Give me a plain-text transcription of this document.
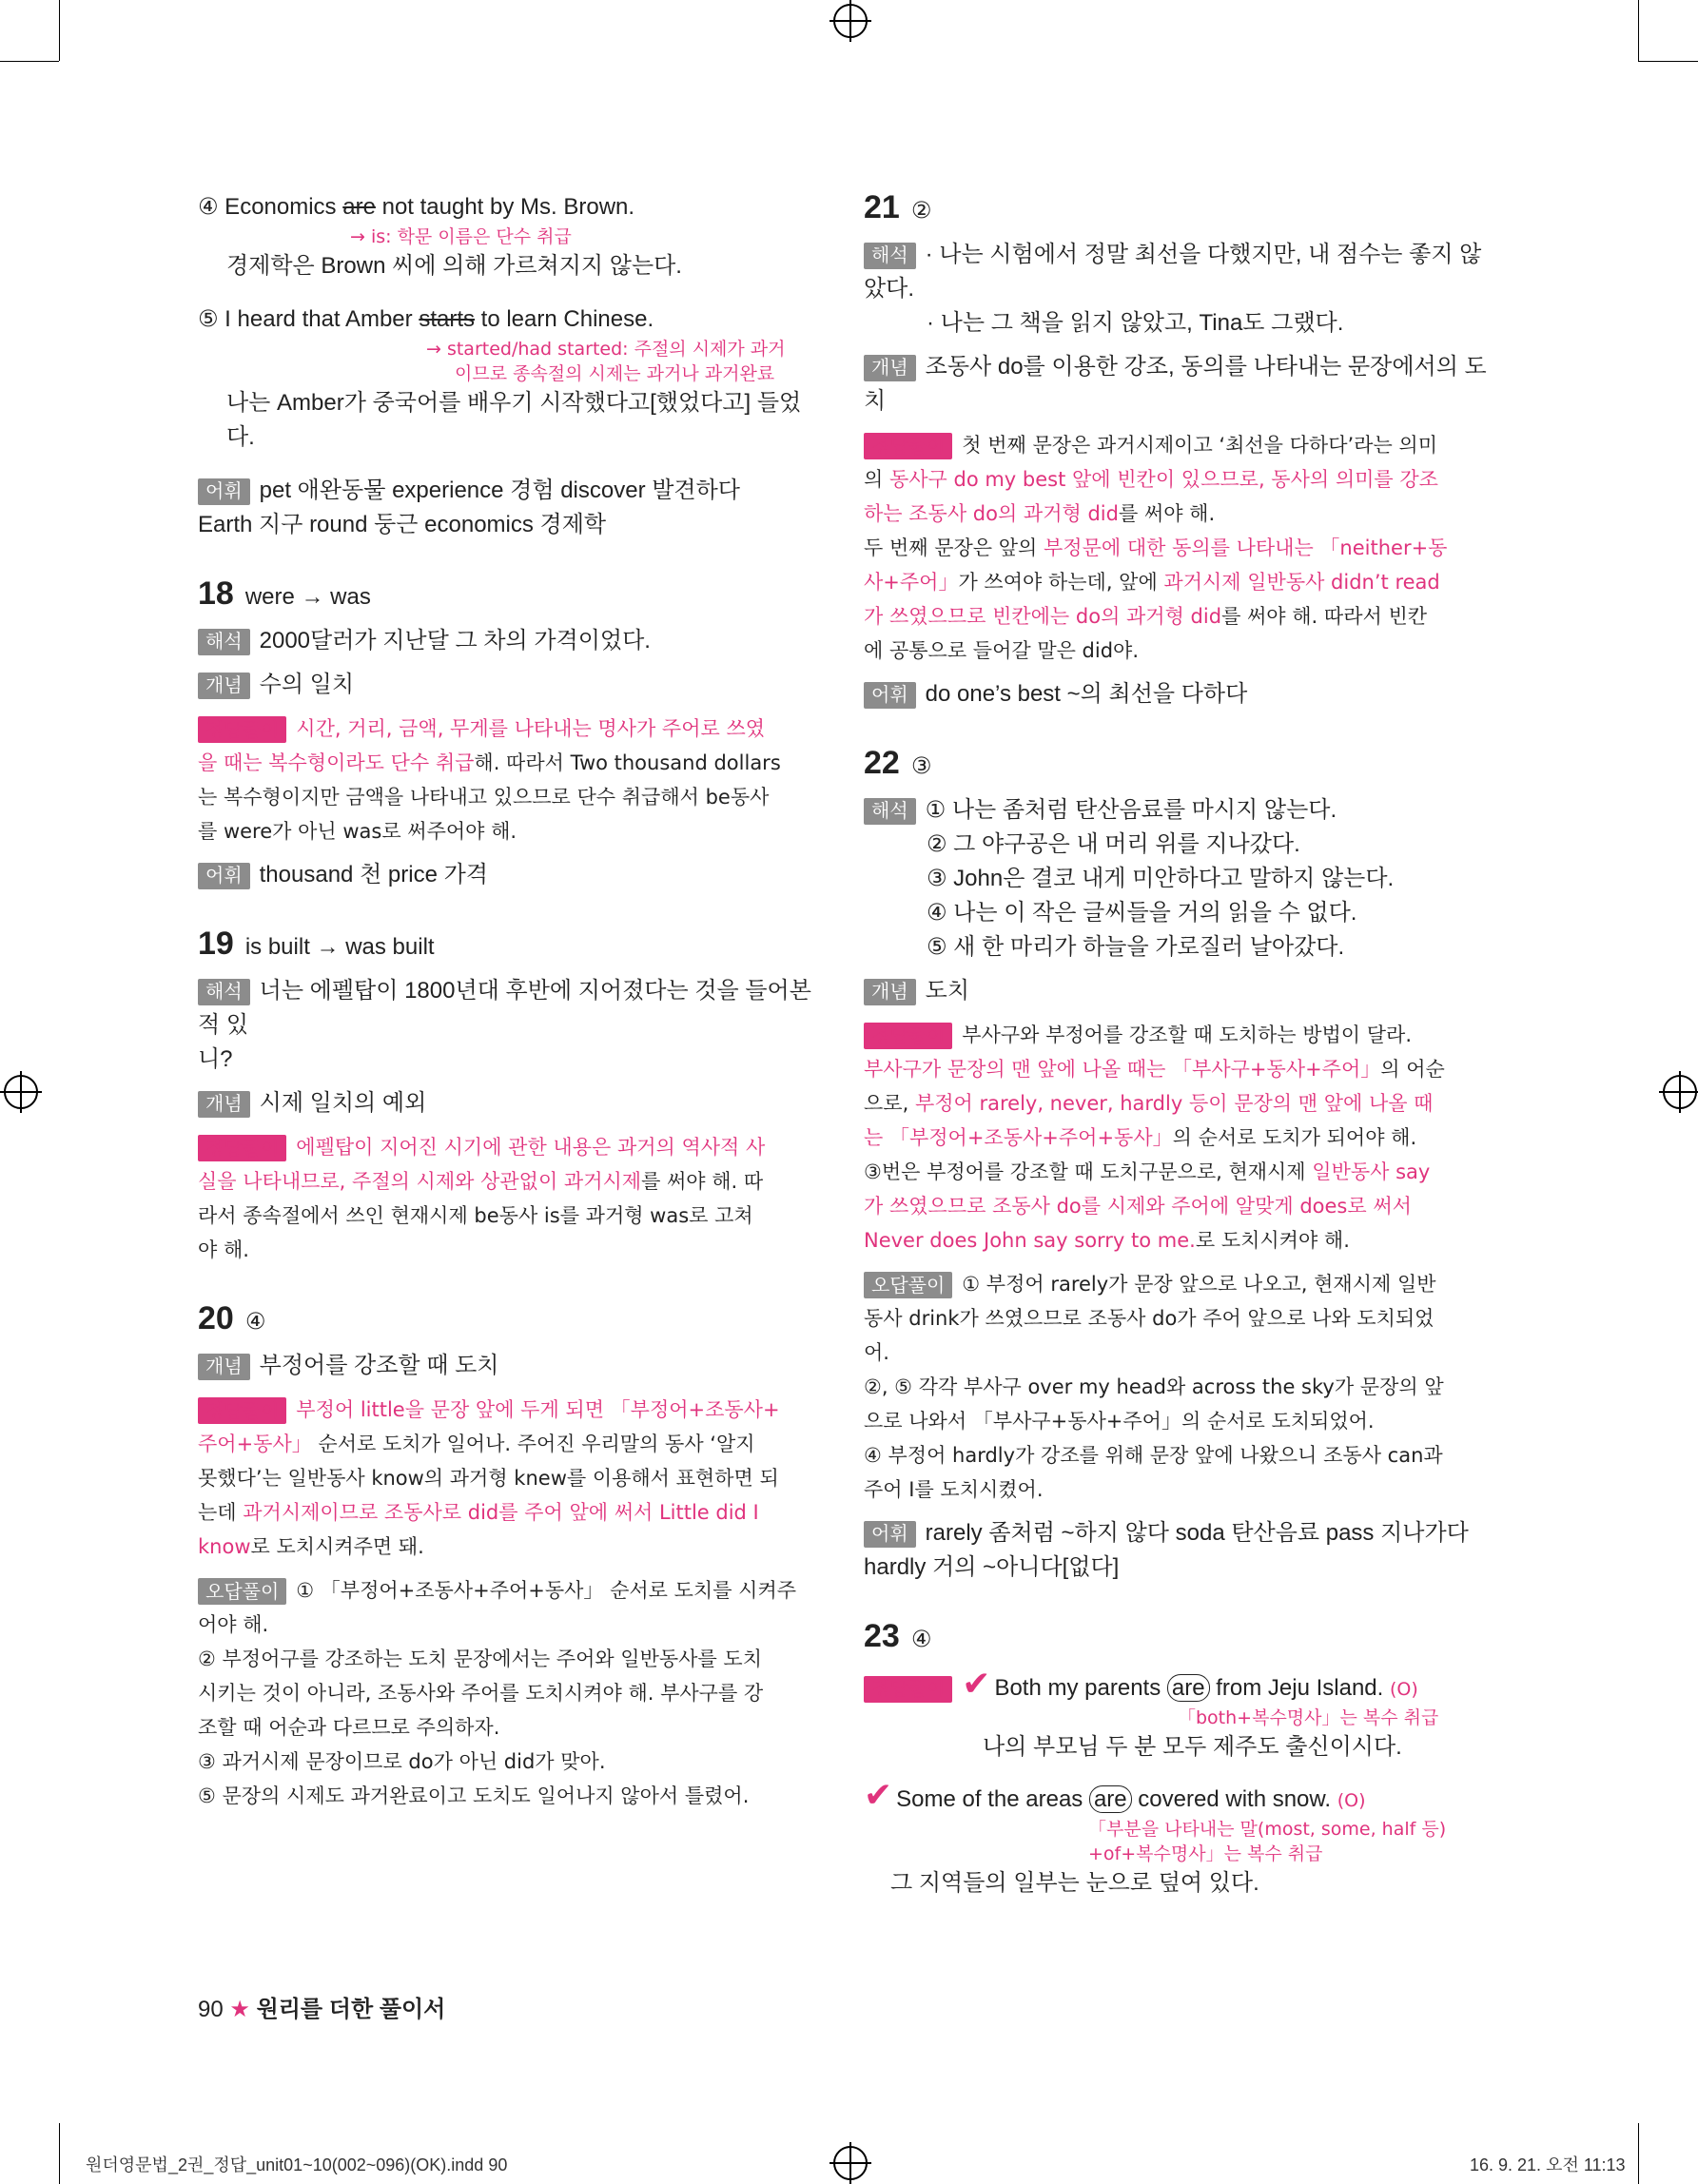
④ Economics are not taught by Ms. Brown.

→ is: 학문 이름은 단수 취급

경제학은 Brown 씨에 의해 가르쳐지지 않는다.

⑤ I heard that Amber starts to learn Chinese.

→ started/had started: 주절의 시제가 과거

이므로 종속절의 시제는 과거나 과거완료

나는 Amber가 중국어를 배우기 시작했다고[했었다고] 들었다.

어휘 pet 애완동물 experience 경험 discover 발견하다

Earth 지구 round 둥근 economics 경제학

18 were → was

해석 2000달러가 지난달 그 차의 가격이었다.

개념 수의 일치

정답풀이 시간, 거리, 금액, 무게를 나타내는 명사가 주어로 쓰였

을 때는 복수형이라도 단수 취급해. 따라서 Two thousand dollars

는 복수형이지만 금액을 나타내고 있으므로 단수 취급해서 be동사

를 were가 아닌 was로 써주어야 해.

어휘 thousand 천 price 가격

19 is built → was built

해석 너는 에펠탑이 1800년대 후반에 지어졌다는 것을 들어본 적 있

니?

개념 시제 일치의 예외

정답풀이 에펠탑이 지어진 시기에 관한 내용은 과거의 역사적 사

실을 나타내므로, 주절의 시제와 상관없이 과거시제를 써야 해. 따

라서 종속절에서 쓰인 현재시제 be동사 is를 과거형 was로 고쳐

야 해.

20 ④

개념 부정어를 강조할 때 도치

정답풀이 부정어 little을 문장 앞에 두게 되면 「부정어+조동사+

주어+동사」 순서로 도치가 일어나. 주어진 우리말의 동사 ‘알지

못했다’는 일반동사 know의 과거형 knew를 이용해서 표현하면 되

는데 과거시제이므로 조동사로 did를 주어 앞에 써서 Little did I

know로 도치시켜주면 돼.

오답풀이 ① 「부정어+조동사+주어+동사」 순서로 도치를 시켜주

어야 해.

② 부정어구를 강조하는 도치 문장에서는 주어와 일반동사를 도치

시키는 것이 아니라, 조동사와 주어를 도치시켜야 해. 부사구를 강

조할 때 어순과 다르므로 주의하자.

③ 과거시제 문장이므로 do가 아닌 did가 맞아.

⑤ 문장의 시제도 과거완료이고 도치도 일어나지 않아서 틀렸어.

21 ②

해석 · 나는 시험에서 정말 최선을 다했지만, 내 점수는 좋지 않았다.

· 나는 그 책을 읽지 않았고, Tina도 그랬다.

개념 조동사 do를 이용한 강조, 동의를 나타내는 문장에서의 도치

정답풀이 첫 번째 문장은 과거시제이고 ‘최선을 다하다’라는 의미

의 동사구 do my best 앞에 빈칸이 있으므로, 동사의 의미를 강조

하는 조동사 do의 과거형 did를 써야 해.

두 번째 문장은 앞의 부정문에 대한 동의를 나타내는 「neither+동

사+주어」가 쓰여야 하는데, 앞에 과거시제 일반동사 didn’t read

가 쓰였으므로 빈칸에는 do의 과거형 did를 써야 해. 따라서 빈칸

에 공통으로 들어갈 말은 did야.

어휘 do one’s best ~의 최선을 다하다

22 ③

해석 ① 나는 좀처럼 탄산음료를 마시지 않는다.

② 그 야구공은 내 머리 위를 지나갔다.

③ John은 결코 내게 미안하다고 말하지 않는다.

④ 나는 이 작은 글씨들을 거의 읽을 수 없다.

⑤ 새 한 마리가 하늘을 가로질러 날아갔다.

개념 도치

정답풀이 부사구와 부정어를 강조할 때 도치하는 방법이 달라.

부사구가 문장의 맨 앞에 나올 때는 「부사구+동사+주어」의 어순

으로, 부정어 rarely, never, hardly 등이 문장의 맨 앞에 나올 때

는 「부정어+조동사+주어+동사」의 순서로 도치가 되어야 해.

③번은 부정어를 강조할 때 도치구문으로, 현재시제 일반동사 say

가 쓰였으므로 조동사 do를 시제와 주어에 알맞게 does로 써서

Never does John say sorry to me.로 도치시켜야 해.

오답풀이 ① 부정어 rarely가 문장 앞으로 나오고, 현재시제 일반

동사 drink가 쓰였으므로 조동사 do가 주어 앞으로 나와 도치되었

어.

②, ⑤ 각각 부사구 over my head와 across the sky가 문장의 앞

으로 나와서 「부사구+동사+주어」의 순서로 도치되었어.

④ 부정어 hardly가 강조를 위해 문장 앞에 나왔으니 조동사 can과

주어 I를 도치시켰어.

어휘 rarely 좀처럼 ~하지 않다 soda 탄산음료 pass 지나가다

hardly 거의 ~아니다[없다]

23 ④

정답풀이 ✔ Both my parents are from Jeju Island. (O)

「both+복수명사」는 복수 취급

나의 부모님 두 분 모두 제주도 출신이시다.

✔ Some of the areas are covered with snow. (O)

「부분을 나타내는 말(most, some, half 등)

+of+복수명사」는 복수 취급

그 지역들의 일부는 눈으로 덮여 있다.

90 ★ 원리를 더한 풀이서
원더영문법_2권_정답_unit01~10(002~096)(OK).indd 90	16. 9. 21. 오전 11:13
